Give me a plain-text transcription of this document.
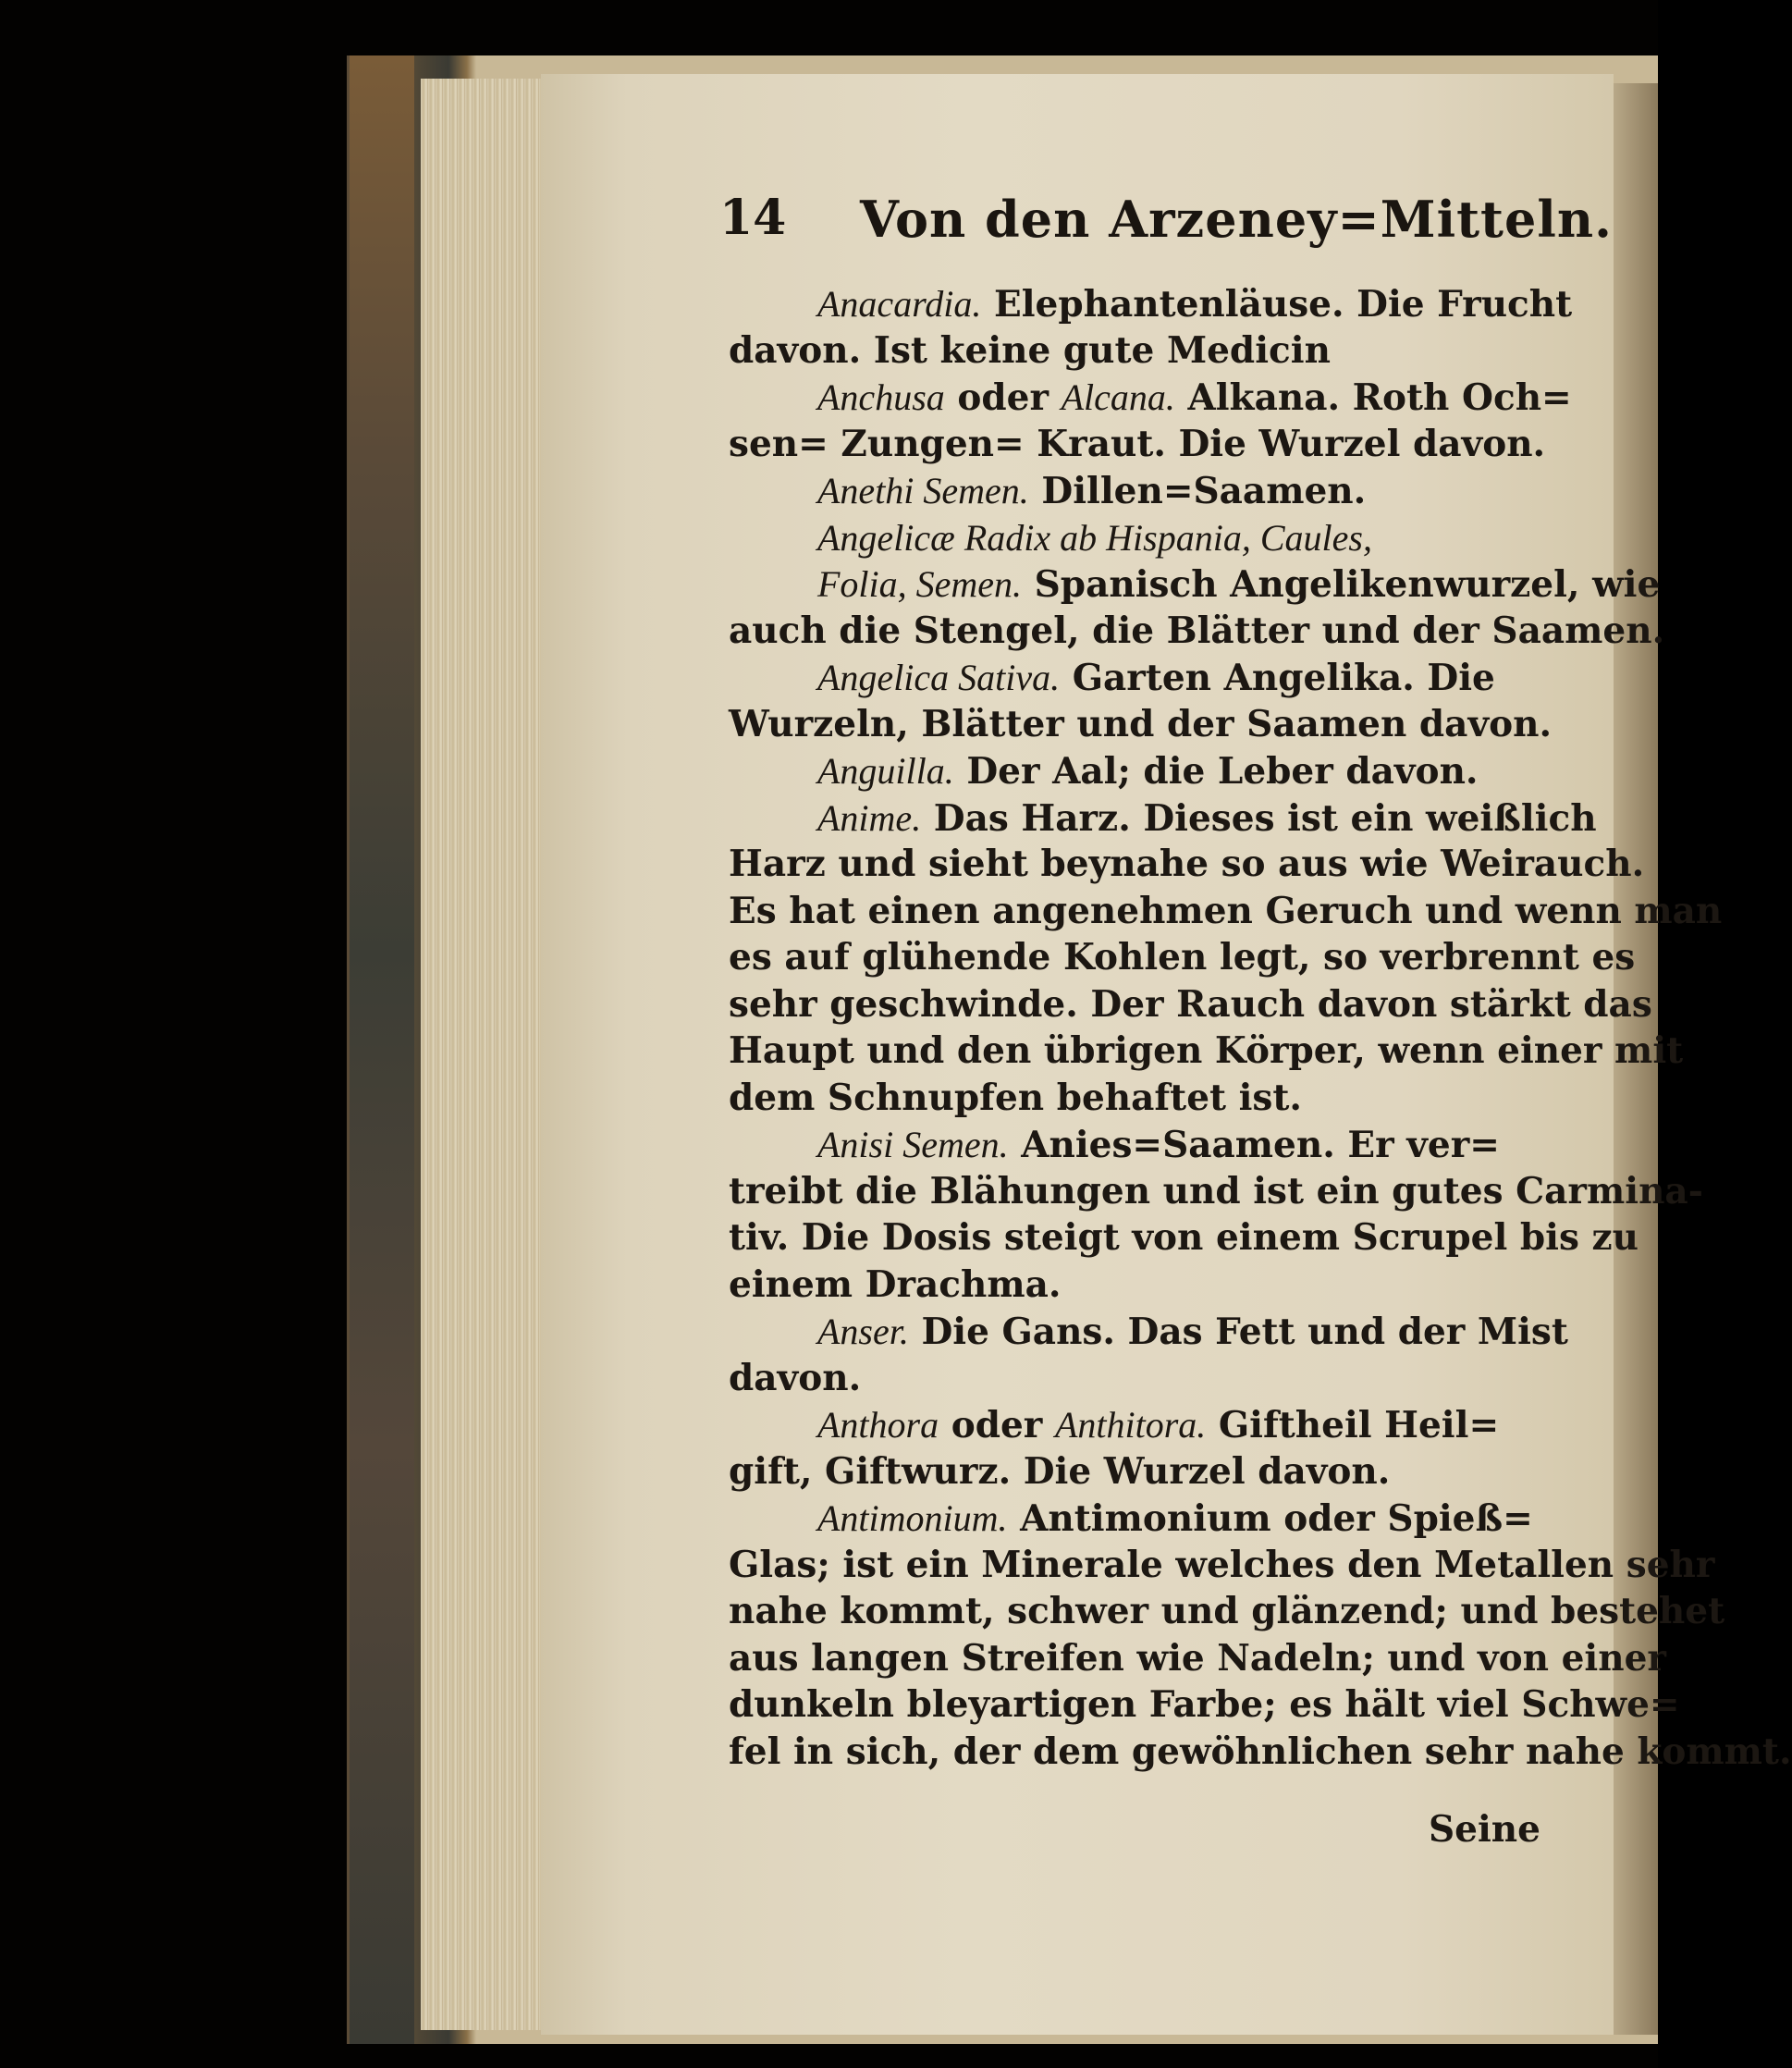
14 Von den Arzeney=Mitteln.
Anacardia. Elephantenläuse. Die Frucht
davon. Ist keine gute Medicin
Anchusa oder Alcana. Alkana. Roth Och=
sen= Zungen= Kraut. Die Wurzel davon.
Anethi Semen. Dillen=Saamen.
Angelicæ Radix ab Hispania, Caules,
Folia, Semen. Spanisch Angelikenwurzel, wie
auch die Stengel, die Blätter und der Saamen.
Angelica Sativa. Garten Angelika. Die
Wurzeln, Blätter und der Saamen davon.
Anguilla. Der Aal; die Leber davon.
Anime. Das Harz. Dieses ist ein weißlich
Harz und sieht beynahe so aus wie Weirauch.
Es hat einen angenehmen Geruch und wenn man
es auf glühende Kohlen legt, so verbrennt es
sehr geschwinde. Der Rauch davon stärkt das
Haupt und den übrigen Körper, wenn einer mit
dem Schnupfen behaftet ist.
Anisi Semen. Anies=Saamen. Er ver=
treibt die Blähungen und ist ein gutes Carmina-
tiv. Die Dosis steigt von einem Scrupel bis zu
einem Drachma.
Anser. Die Gans. Das Fett und der Mist
davon.
Anthora oder Anthitora. Giftheil Heil=
gift, Giftwurz. Die Wurzel davon.
Antimonium. Antimonium oder Spieß=
Glas; ist ein Minerale welches den Metallen sehr
nahe kommt, schwer und glänzend; und bestehet
aus langen Streifen wie Nadeln; und von einer
dunkeln bleyartigen Farbe; es hält viel Schwe=
fel in sich, der dem gewöhnlichen sehr nahe kommt.
Seine
